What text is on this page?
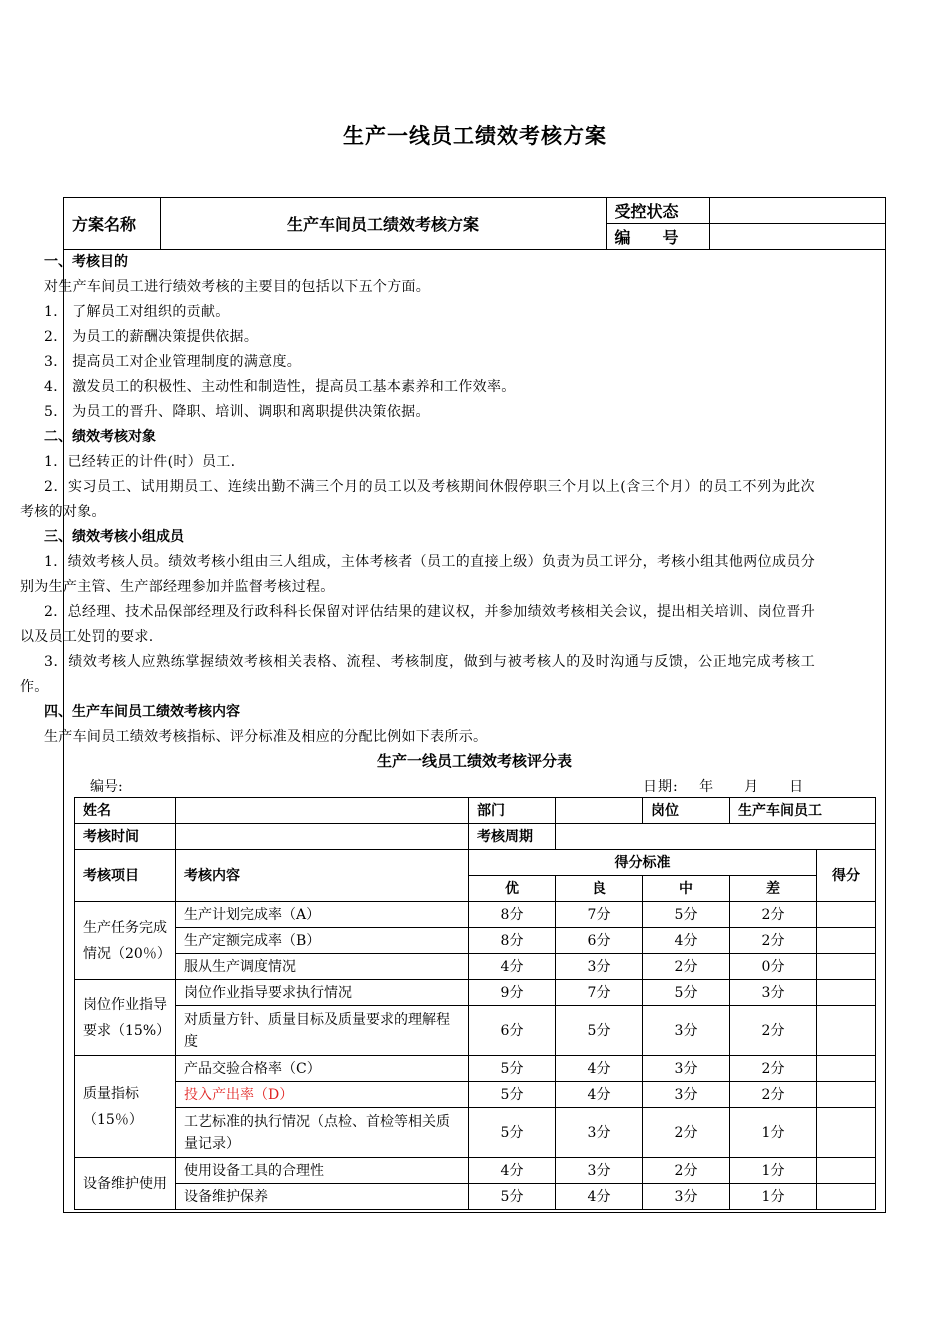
生产一线员工绩效考核方案
方案名称	生产车间员工绩效考核方案	受控状态	
		编　　号	

一、考核目的

对生产车间员工进行绩效考核的主要目的包括以下五个方面。

1． 了解员工对组织的贡献。

2． 为员工的薪酬决策提供依据。

3． 提高员工对企业管理制度的满意度。

4． 激发员工的积极性、主动性和制造性，提高员工基本素养和工作效率。

5． 为员工的晋升、降职、培训、调职和离职提供决策依据。

二、绩效考核对象

1．已经转正的计件(时）员工.

2．实习员工、试用期员工、连续出勤不满三个月的员工以及考核期间休假停职三个月以上(含三个月）的员工不列为此次考核的对象。

三、绩效考核小组成员

1．绩效考核人员。绩效考核小组由三人组成，主体考核者（员工的直接上级）负责为员工评分，考核小组其他两位成员分别为生产主管、生产部经理参加并监督考核过程。

2．总经理、技术品保部经理及行政科科长保留对评估结果的建议权，并参加绩效考核相关会议，提出相关培训、岗位晋升以及员工处罚的要求.

3．绩效考核人应熟练掌握绩效考核相关表格、流程、考核制度，做到与被考核人的及时沟通与反馈，公正地完成考核工作。

四、生产车间员工绩效考核内容

生产车间员工绩效考核指标、评分标准及相应的分配比例如下表所示。

生产一线员工绩效考核评分表
编号:	日期:　 年　　月　　日
姓名		部门		岗位	生产车间员工	
考核时间		考核周期				
考核项目	考核内容	得分标准				得分
		优	良	中	差	
生产任务完成情况（20％）	生产计划完成率（A）	8分	7分	5分	2分	
	生产定额完成率（B）	8分	6分	4分	2分	
	服从生产调度情况	4分	3分	2分	0分	
岗位作业指导要求（15%）	岗位作业指导要求执行情况	9分	7分	5分	3分	
	对质量方针、质量目标及质量要求的理解程度	6分	5分	3分	2分	
质量指标（15％）	产品交验合格率（C）	5分	4分	3分	2分	
	投入产出率（D）	5分	4分	3分	2分	
	工艺标准的执行情况（点检、首检等相关质量记录）	5分	3分	2分	1分	
设备维护使用	使用设备工具的合理性	4分	3分	2分	1分	
	设备维护保养	5分	4分	3分	1分	
